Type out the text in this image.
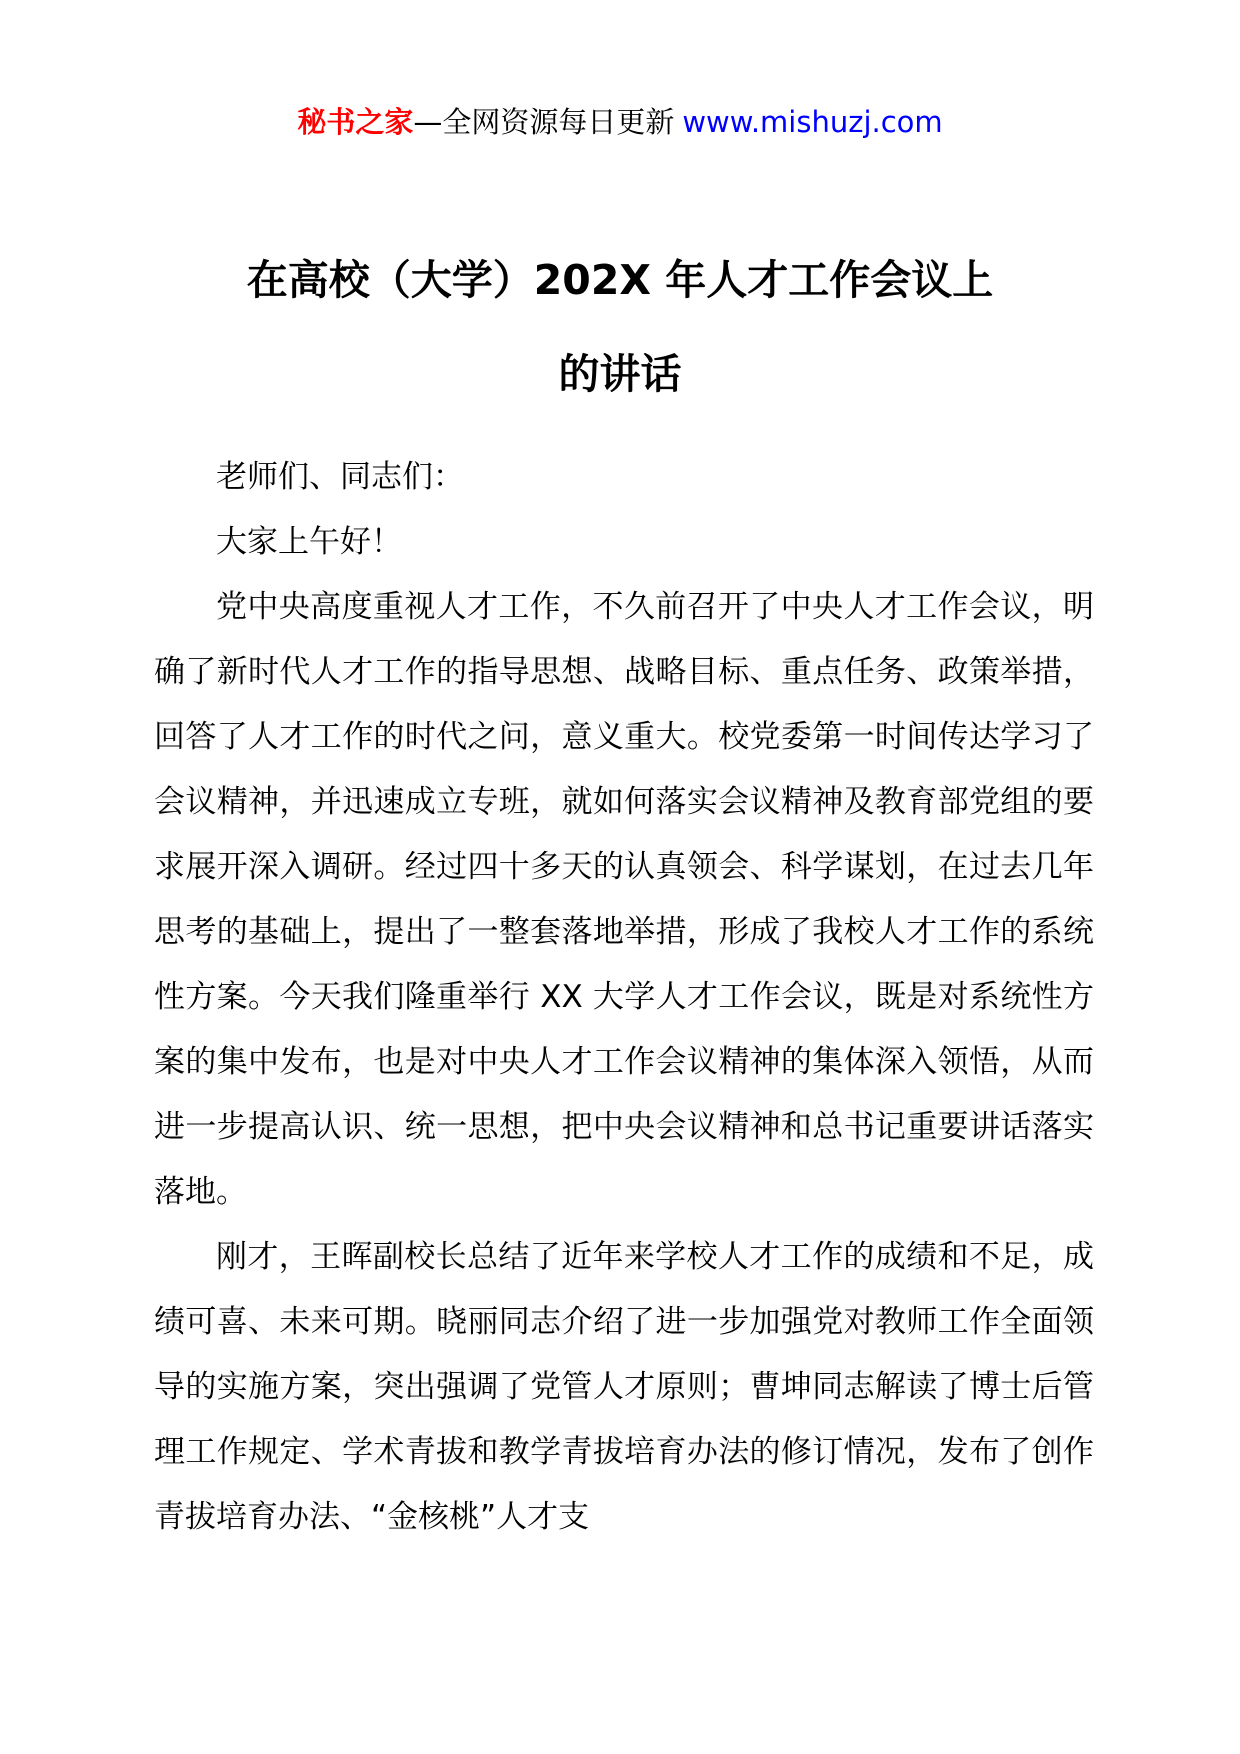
秘书之家—全网资源每日更新 www.mishuzj.com
在高校（大学）202X 年人才工作会议上
的讲话

老师们、同志们：

大家上午好！

党中央高度重视人才工作，不久前召开了中央人才工作会议，明确了新时代人才工作的指导思想、战略目标、重点任务、政策举措，回答了人才工作的时代之问，意义重大。校党委第一时间传达学习了会议精神，并迅速成立专班，就如何落实会议精神及教育部党组的要求展开深入调研。经过四十多天的认真领会、科学谋划，在过去几年思考的基础上，提出了一整套落地举措，形成了我校人才工作的系统性方案。今天我们隆重举行 XX 大学人才工作会议，既是对系统性方案的集中发布，也是对中央人才工作会议精神的集体深入领悟，从而进一步提高认识、统一思想，把中央会议精神和总书记重要讲话落实落地。

刚才，王晖副校长总结了近年来学校人才工作的成绩和不足，成绩可喜、未来可期。晓丽同志介绍了进一步加强党对教师工作全面领导的实施方案，突出强调了党管人才原则；曹坤同志解读了博士后管理工作规定、学术青拔和教学青拔培育办法的修订情况，发布了创作青拔培育办法、“金核桃”人才支
